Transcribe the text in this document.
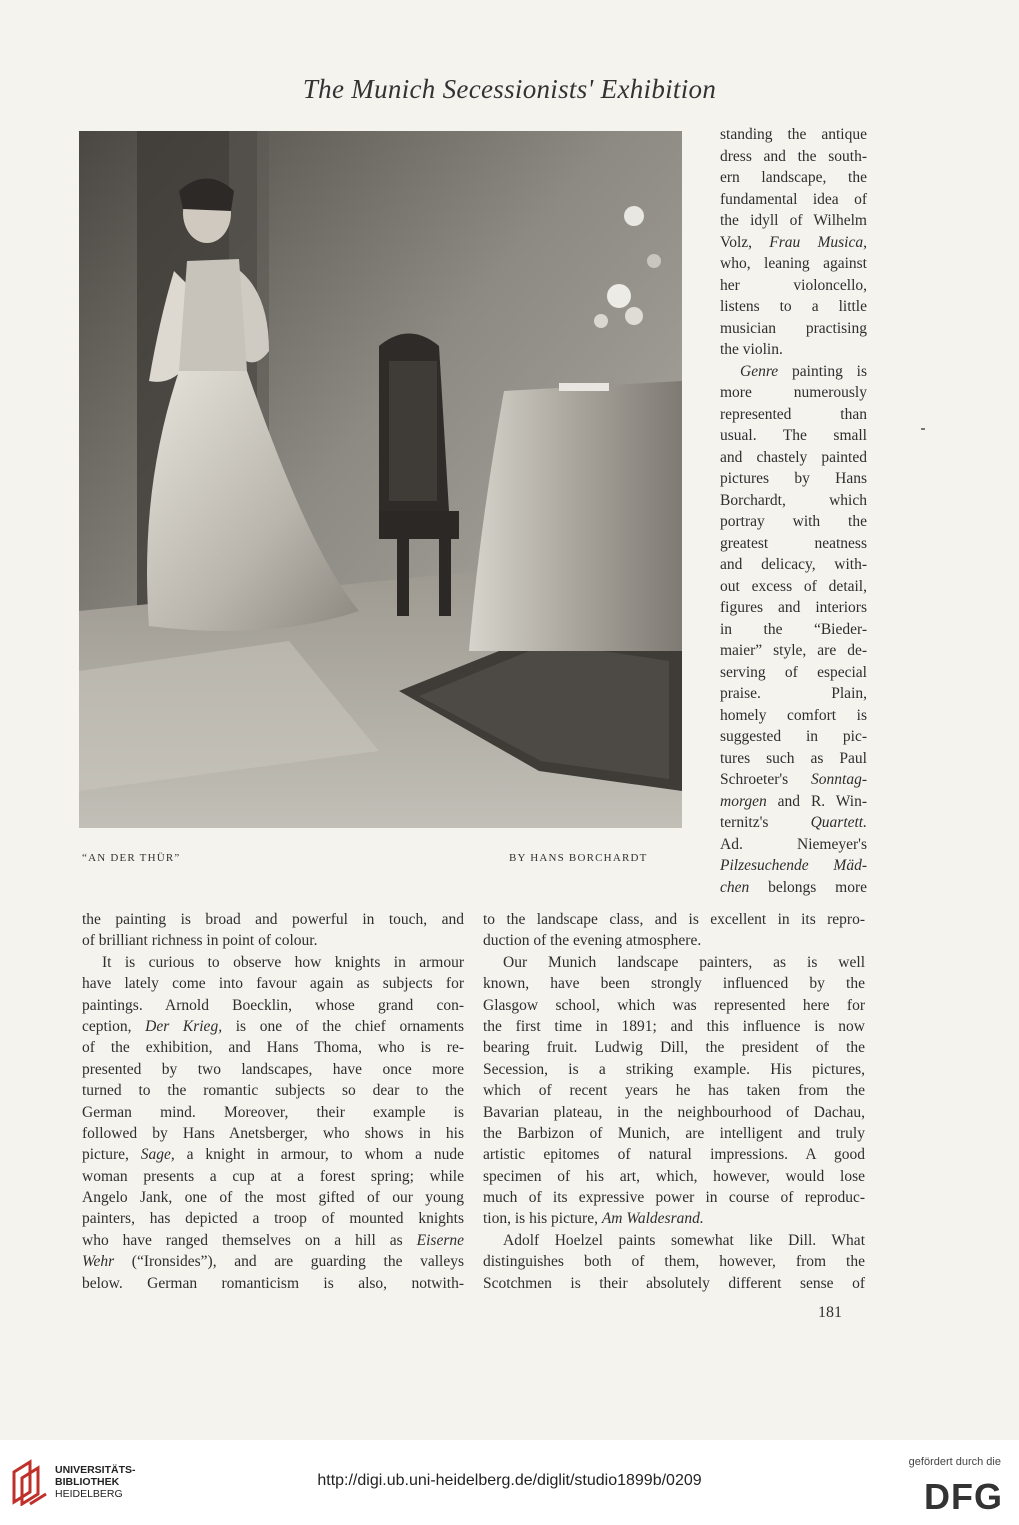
The Munich Secessionists' Exhibition
“AN DER THÜR”	BY HANS BORCHARDT
standing the antique
dress and the south-
ern landscape, the
fundamental idea of
the idyll of Wilhelm
Volz, Frau Musica,
who, leaning against
her violoncello,
listens to a little
musician practising
the violin.
Genre painting is
more numerously
represented than
usual. The small
and chastely painted
pictures by Hans
Borchardt, which
portray with the
greatest neatness
and delicacy, with-
out excess of detail,
figures and interiors
in the “Bieder-
maier” style, are de-
serving of especial
praise. Plain,
homely comfort is
suggested in pic-
tures such as Paul
Schroeter's Sonntag-
morgen and R. Win-
ternitz's Quartett.
Ad. Niemeyer's
Pilzesuchende Mäd-
chen belongs more
the painting is broad and powerful in touch, and
of brilliant richness in point of colour.
It is curious to observe how knights in armour
have lately come into favour again as subjects for
paintings. Arnold Boecklin, whose grand con-
ception, Der Krieg, is one of the chief ornaments
of the exhibition, and Hans Thoma, who is re-
presented by two landscapes, have once more
turned to the romantic subjects so dear to the
German mind. Moreover, their example is
followed by Hans Anetsberger, who shows in his
picture, Sage, a knight in armour, to whom a nude
woman presents a cup at a forest spring; while
Angelo Jank, one of the most gifted of our young
painters, has depicted a troop of mounted knights
who have ranged themselves on a hill as Eiserne
Wehr (“Ironsides”), and are guarding the valleys
below. German romanticism is also, notwith-
to the landscape class, and is excellent in its repro-
duction of the evening atmosphere.
Our Munich landscape painters, as is well
known, have been strongly influenced by the
Glasgow school, which was represented here for
the first time in 1891; and this influence is now
bearing fruit. Ludwig Dill, the president of the
Secession, is a striking example. His pictures,
which of recent years he has taken from the
Bavarian plateau, in the neighbourhood of Dachau,
the Barbizon of Munich, are intelligent and truly
artistic epitomes of natural impressions. A good
specimen of his art, which, however, would lose
much of its expressive power in course of reproduc-
tion, is his picture, Am Waldesrand.
Adolf Hoelzel paints somewhat like Dill. What
distinguishes both of them, however, from the
Scotchmen is their absolutely different sense of
181
UNIVERSITÄTS-
BIBLIOTHEK
HEIDELBERG
http://digi.ub.uni-heidelberg.de/diglit/studio1899b/0209
gefördert durch die
DFG
